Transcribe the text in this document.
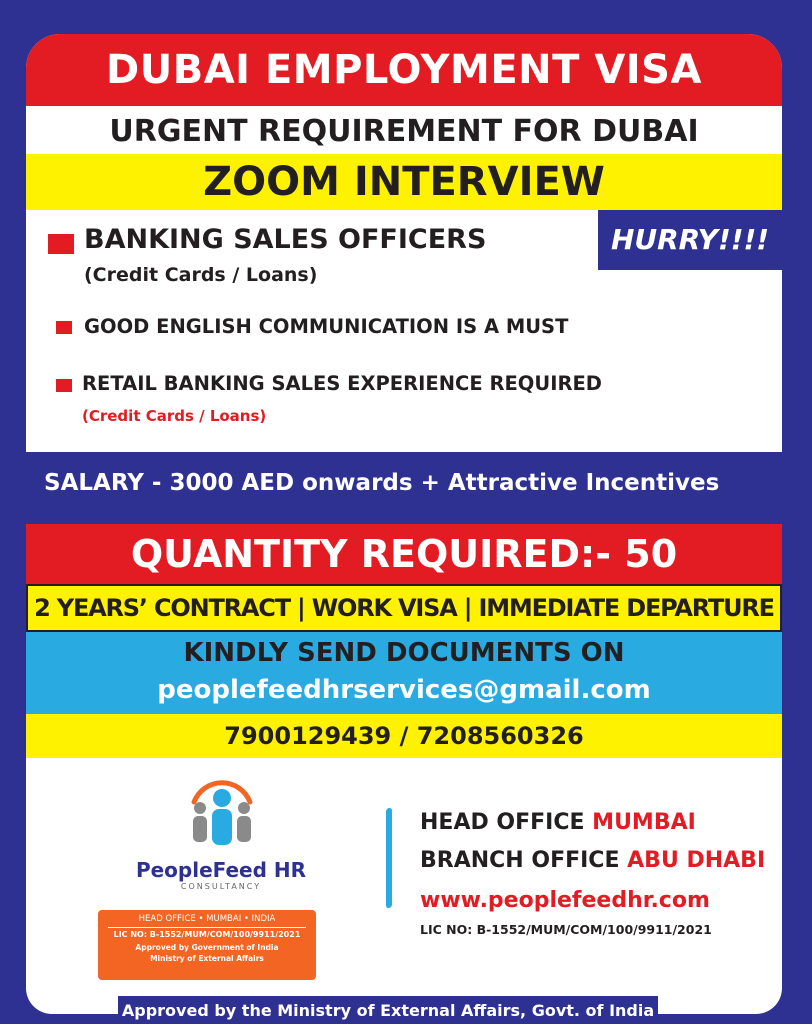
DUBAI EMPLOYMENT VISA
URGENT REQUIREMENT FOR DUBAI
ZOOM INTERVIEW
HURRY!!!!
BANKING SALES OFFICERS
(Credit Cards / Loans)
GOOD ENGLISH COMMUNICATION IS A MUST
RETAIL BANKING SALES EXPERIENCE REQUIRED
(Credit Cards / Loans)
SALARY - 3000 AED onwards + Attractive Incentives
QUANTITY REQUIRED:- 50
2 YEARS’ CONTRACT | WORK VISA | IMMEDIATE DEPARTURE
KINDLY SEND DOCUMENTS ON
peoplefeedhrservices@gmail.com
7900129439 / 7208560326
PeopleFeed HR
CONSULTANCY
HEAD OFFICE • MUMBAI • INDIA
LIC NO: B-1552/MUM/COM/100/9911/2021
Approved by Government of India
Ministry of External Affairs
HEAD OFFICE MUMBAI
BRANCH OFFICE ABU DHABI
www.peoplefeedhr.com
LIC NO: B-1552/MUM/COM/100/9911/2021
Approved by the Ministry of External Affairs, Govt. of India
